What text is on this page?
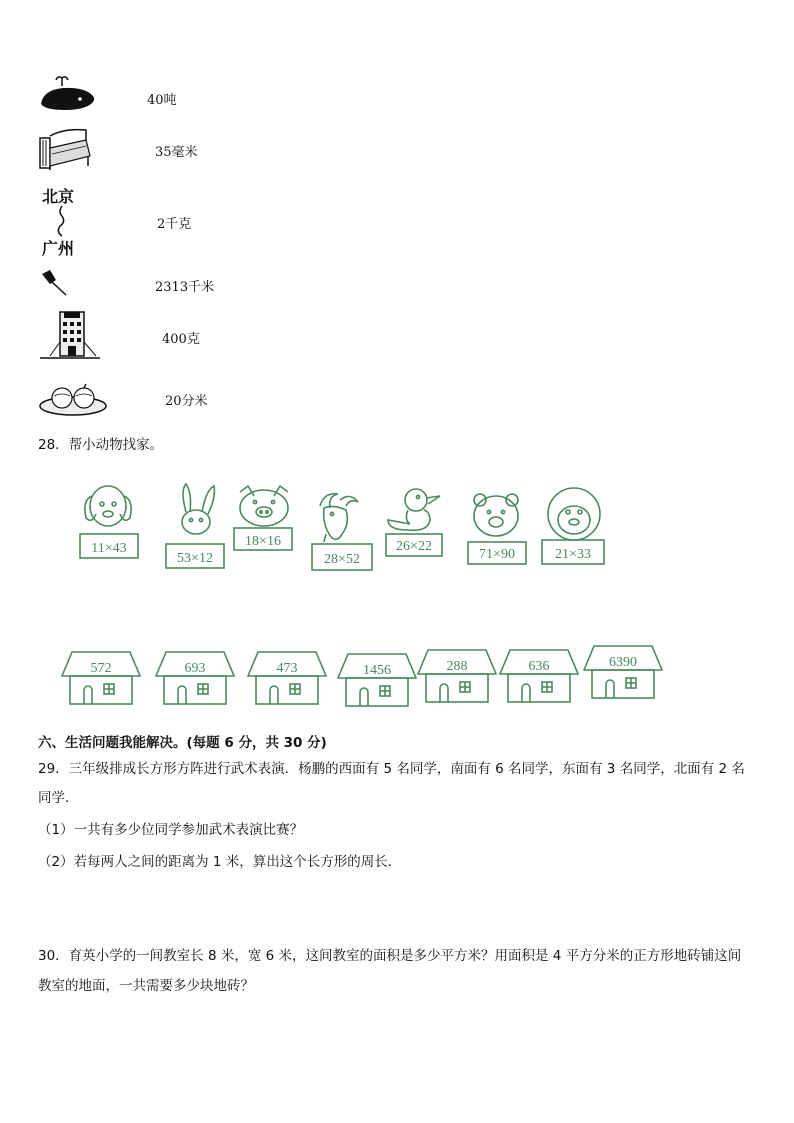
北京
广州
40吨
35毫米
2千克
2313千米
400克
20分米
28．帮小动物找家。
11×43
53×12
18×16
28×52
26×22
71×90	21×33
572	693	473	1456	288	636	6390
六、生活问题我能解决。(每题 6 分，共 30 分)
29．三年级排成长方形方阵进行武术表演．杨鹏的西面有 5 名同学，南面有 6 名同学，东面有 3 名同学，北面有 2 名
同学．
（1）一共有多少位同学参加武术表演比赛？
（2）若每两人之间的距离为 1 米，算出这个长方形的周长．
30．育英小学的一间教室长 8 米，宽 6 米，这间教室的面积是多少平方米？用面积是 4 平方分米的正方形地砖铺这间
教室的地面，一共需要多少块地砖？
